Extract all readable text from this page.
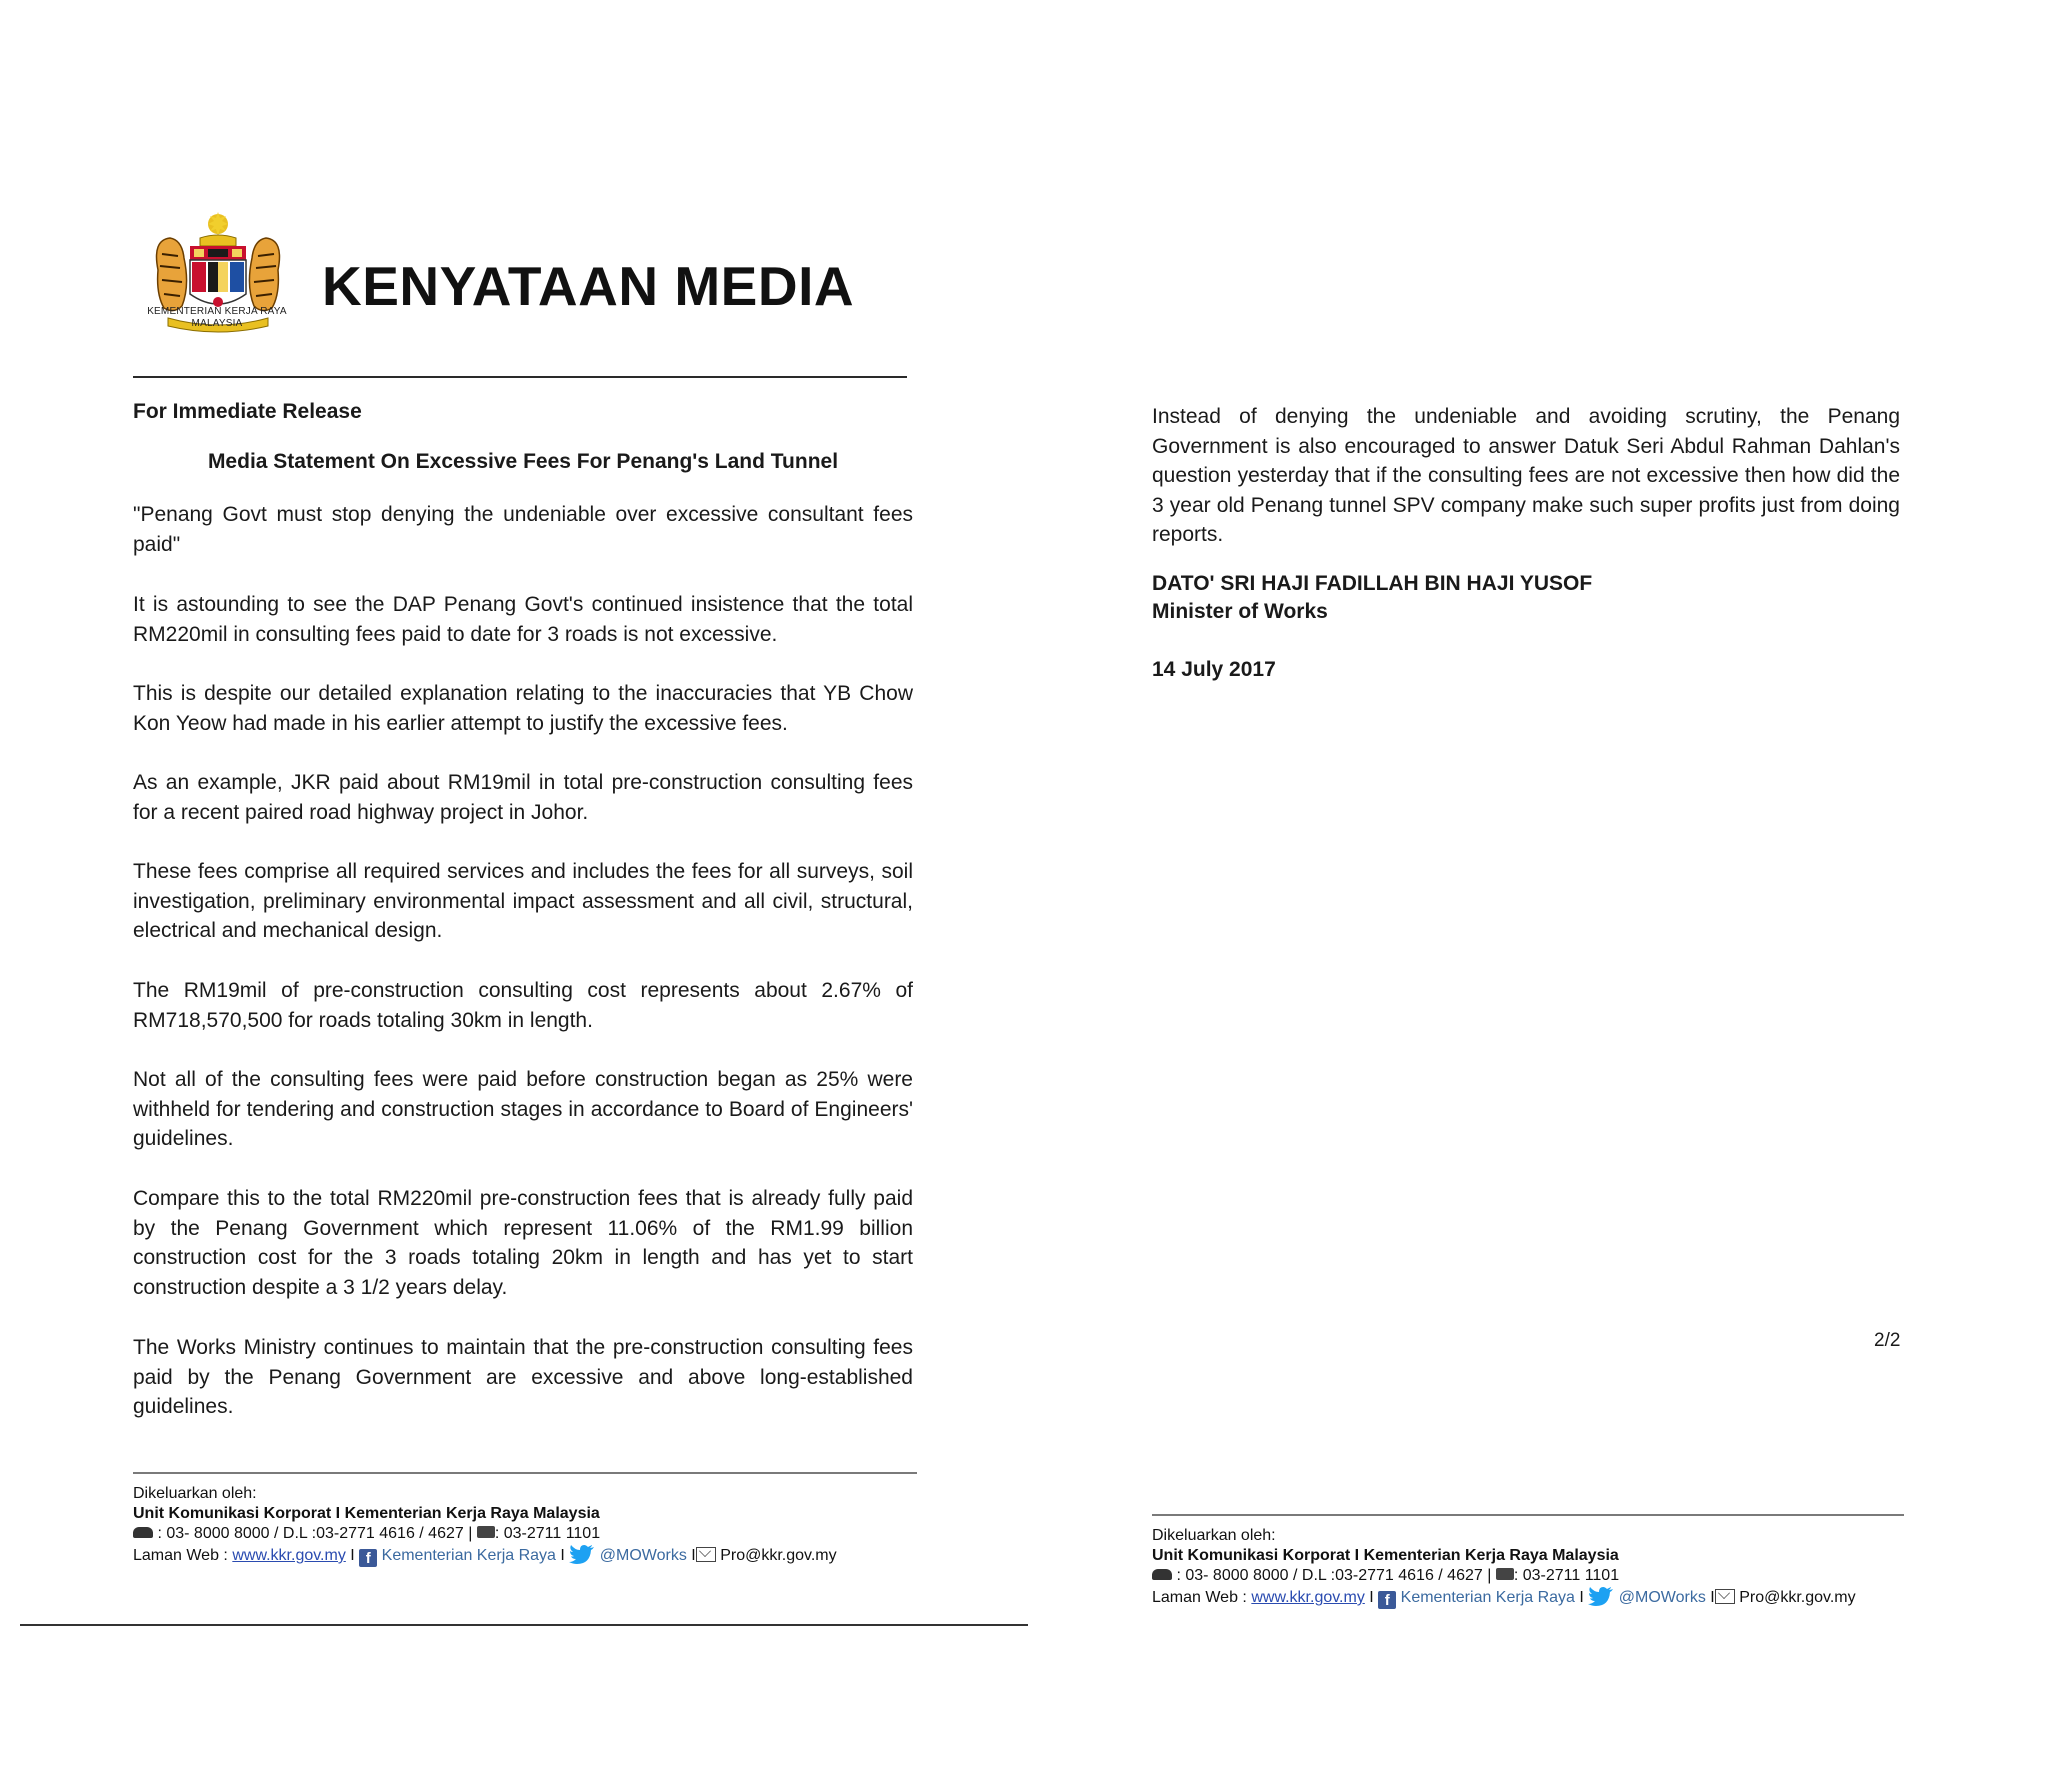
KEMENTERIAN KERJA RAYA
MALAYSIA
KENYATAAN MEDIA
For Immediate Release
Media Statement On Excessive Fees For Penang's Land Tunnel

"Penang Govt must stop denying the undeniable over excessive consultant fees paid"

It is astounding to see the DAP Penang Govt's continued insistence that the total RM220mil in consulting fees paid to date for 3 roads is not excessive.

This is despite our detailed explanation relating to the inaccuracies that YB Chow Kon Yeow had made in his earlier attempt to justify the excessive fees.

As an example, JKR paid about RM19mil in total pre-construction consulting fees for a recent paired road highway project in Johor.

These fees comprise all required services and includes the fees for all surveys, soil investigation, preliminary environmental impact assessment and all civil, structural, electrical and mechanical design.

The RM19mil of pre-construction consulting cost represents about 2.67% of RM718,570,500 for roads totaling 30km in length.

Not all of the consulting fees were paid before construction began as 25% were withheld for tendering and construction stages in accordance to Board of Engineers' guidelines.

Compare this to the total RM220mil pre-construction fees that is already fully paid by the Penang Government which represent 11.06% of the RM1.99 billion construction cost for the 3 roads totaling 20km in length and has yet to start construction despite a 3 1/2 years delay.

The Works Ministry continues to maintain that the pre-construction consulting fees paid by the Penang Government are excessive and above long-established guidelines.

Instead of denying the undeniable and avoiding scrutiny, the Penang Government is also encouraged to answer Datuk Seri Abdul Rahman Dahlan's question yesterday that if the consulting fees are not excessive then how did the 3 year old Penang tunnel SPV company make such super profits just from doing reports.

DATO' SRI HAJI FADILLAH BIN HAJI YUSOF
Minister of Works
14 July 2017
2/2
Dikeluarkan oleh:
Unit Komunikasi Korporat I Kementerian Kerja Raya Malaysia
: 03- 8000 8000 / D.L :03-2771 4616 / 4627 | : 03-2711 1101
Laman Web : www.kkr.gov.my I f Kementerian Kerja Raya I @MOWorks I Pro@kkr.gov.my
Dikeluarkan oleh:
Unit Komunikasi Korporat I Kementerian Kerja Raya Malaysia
: 03- 8000 8000 / D.L :03-2771 4616 / 4627 | : 03-2711 1101
Laman Web : www.kkr.gov.my I f Kementerian Kerja Raya I @MOWorks I Pro@kkr.gov.my
